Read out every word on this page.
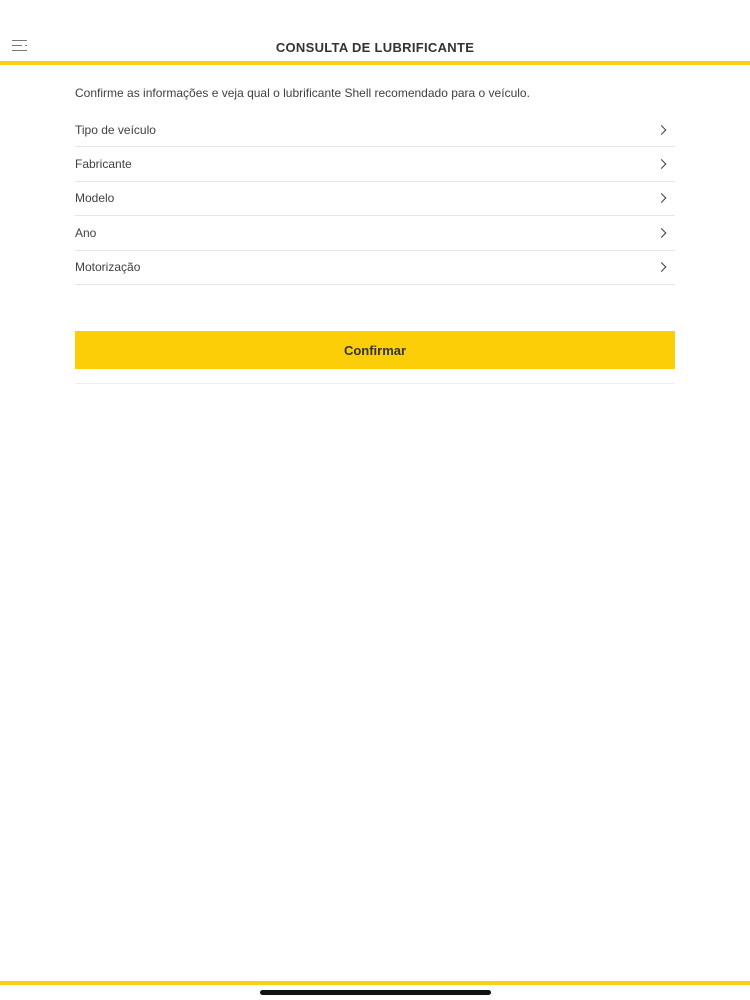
CONSULTA DE LUBRIFICANTE

Confirme as informações e veja qual o lubrificante Shell recomendado para o veículo.

Tipo de veículo
Fabricante
Modelo
Ano
Motorização
Confirmar
